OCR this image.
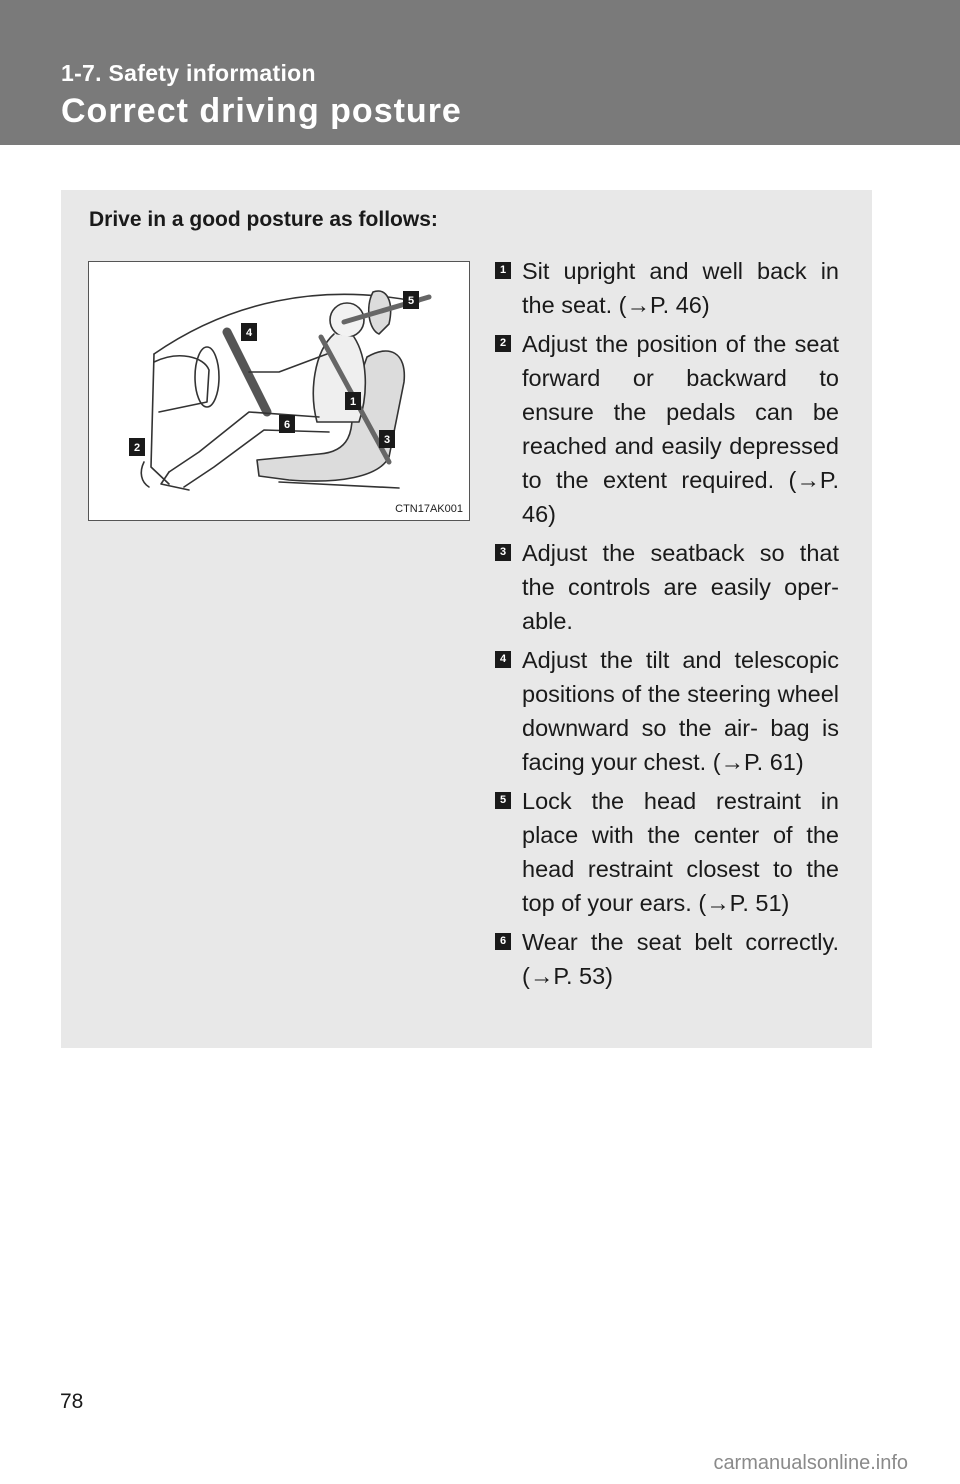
1-7. Safety information
Correct driving posture
Drive in a good posture as follows:
1
2
3
4
5
6
CTN17AK001
1 Sit upright and well back in the seat. (→P. 46)
2 Adjust the position of the seat forward or backward to ensure the pedals can be reached and easily depressed to the extent required. (→P. 46)
3 Adjust the seatback so that the controls are easily oper- able.
4 Adjust the tilt and telescopic positions of the steering wheel downward so the air- bag is facing your chest. (→P. 61)
5 Lock the head restraint in place with the center of the head restraint closest to the top of your ears. (→P. 51)
6 Wear the seat belt correctly. (→P. 53)
78
carmanualsonline.info
